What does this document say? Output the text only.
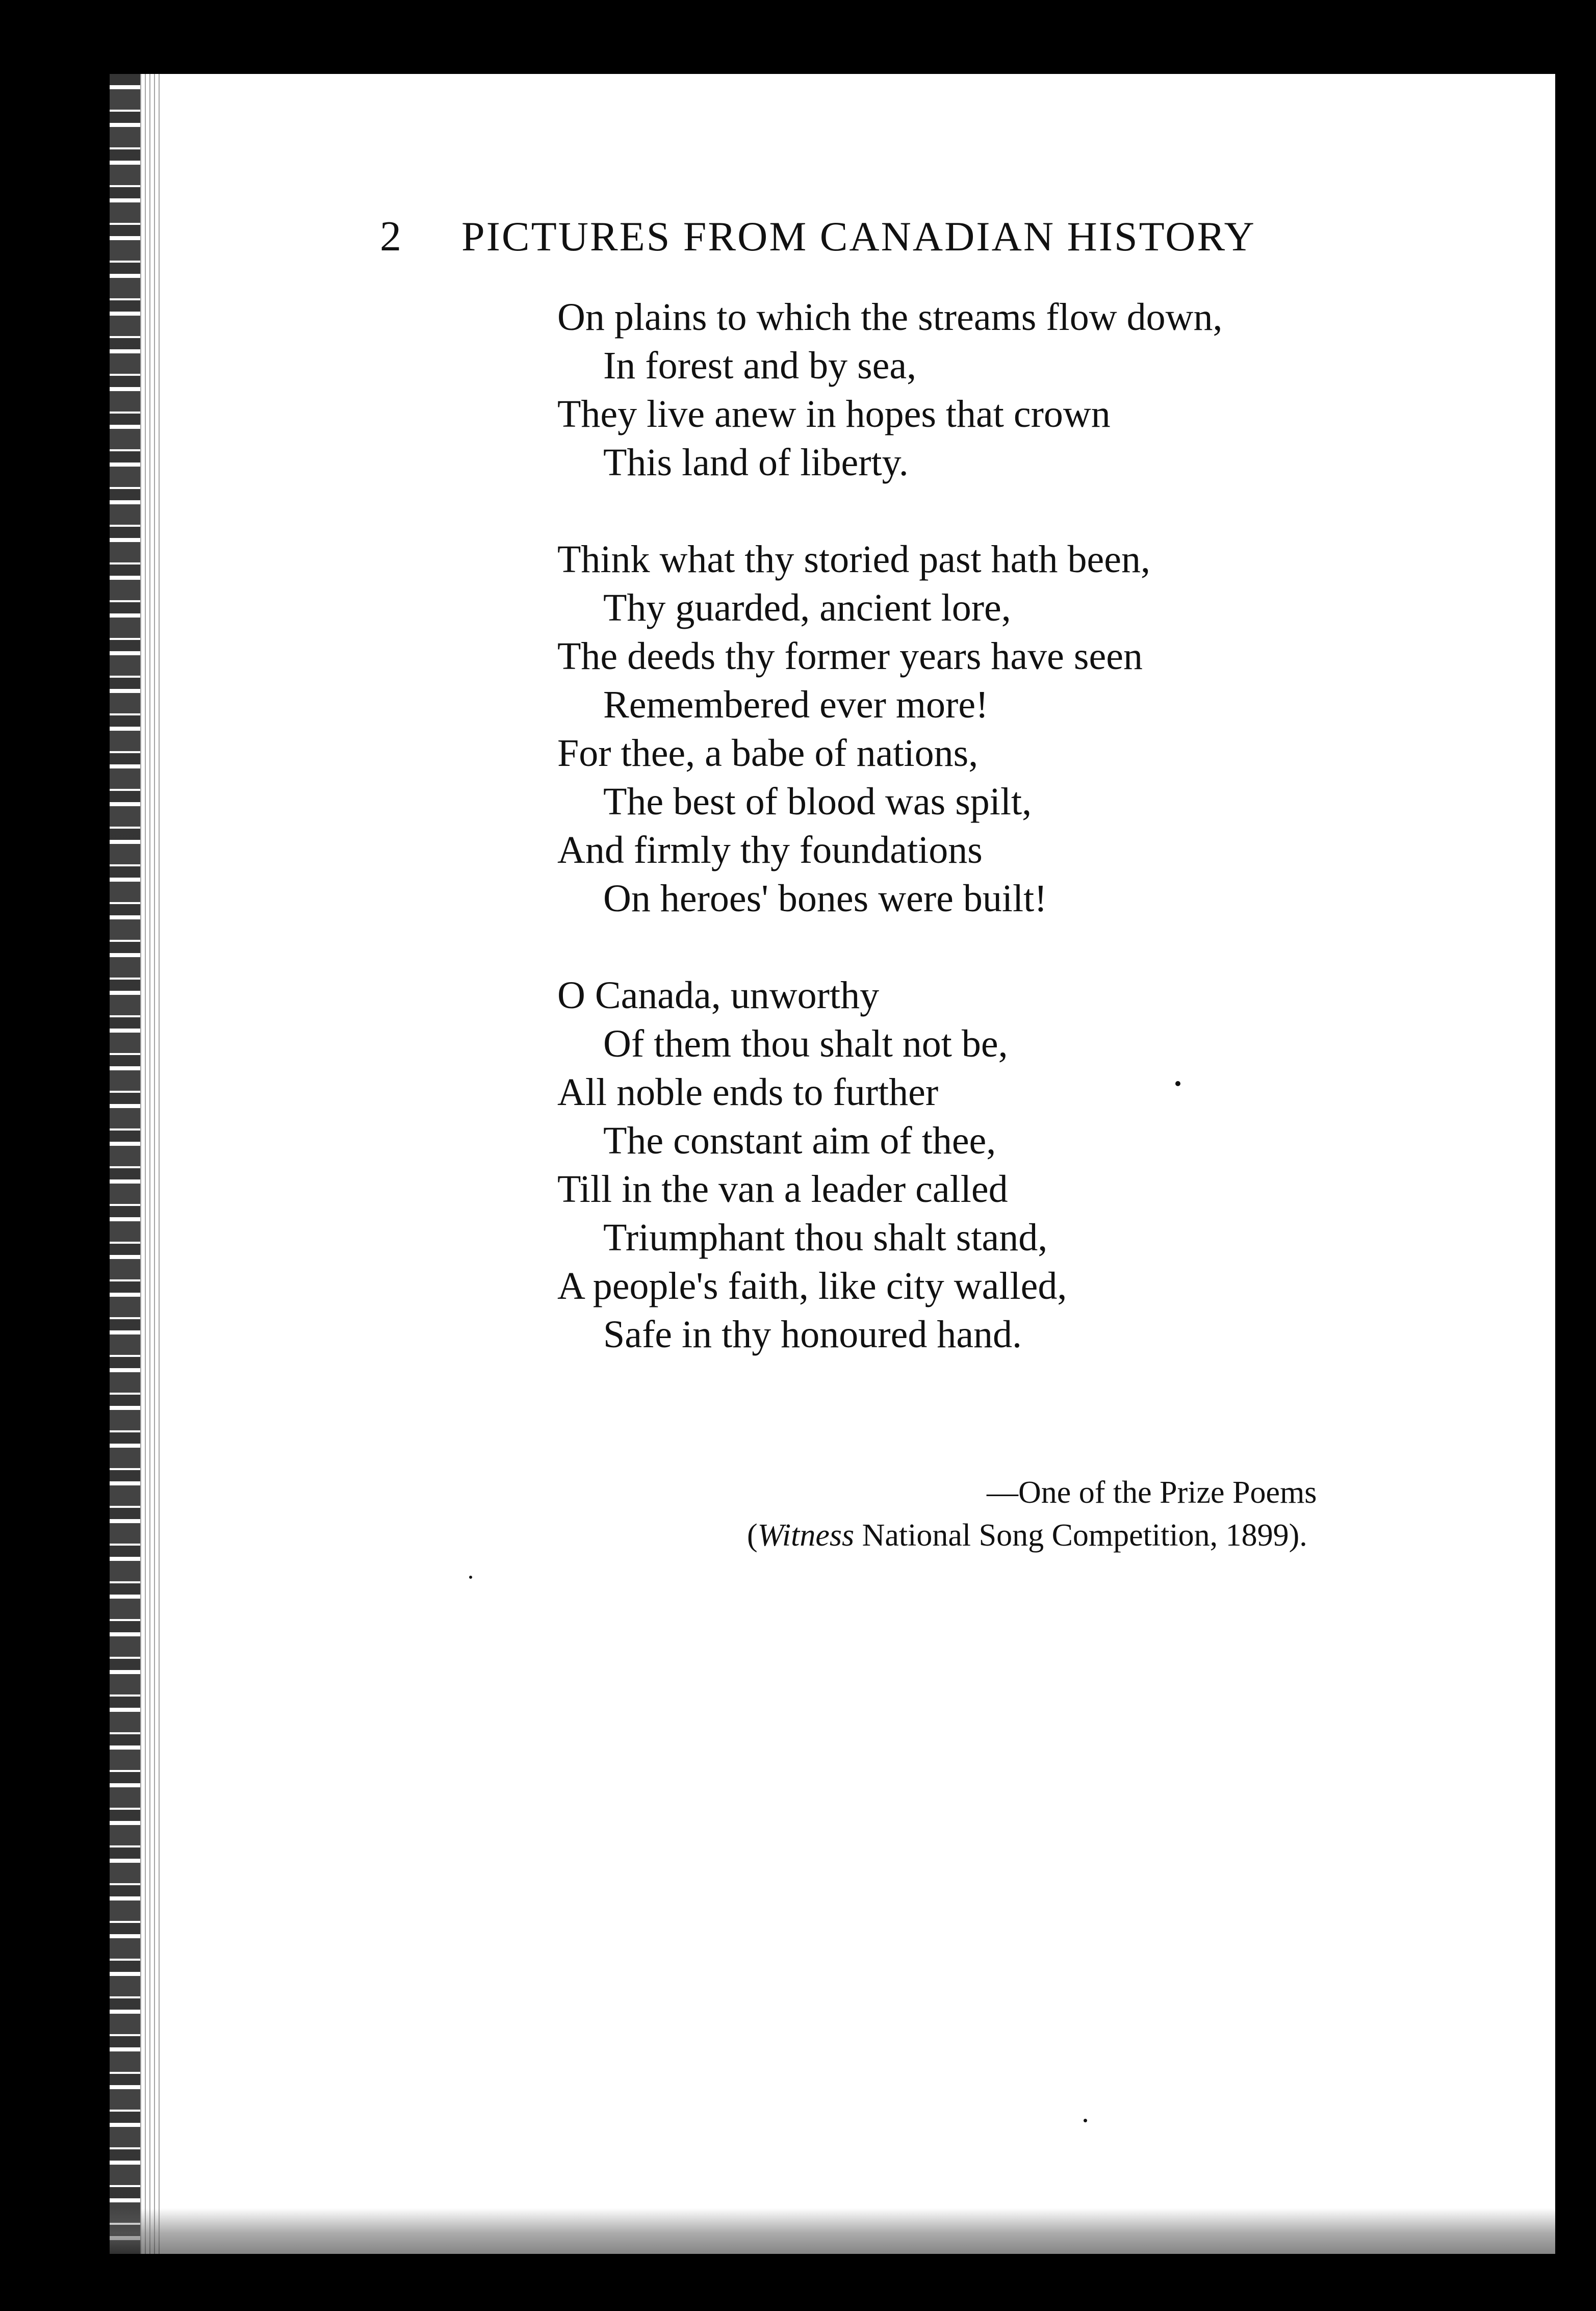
2	PICTURES FROM CANADIAN HISTORY
On plains to which the streams flow down,
In forest and by sea,
They live anew in hopes that crown
This land of liberty.
Think what thy storied past hath been,
Thy guarded, ancient lore,
The deeds thy former years have seen
Remembered ever more!
For thee, a babe of nations,
The best of blood was spilt,
And firmly thy foundations
On heroes' bones were built!
O Canada, unworthy
Of them thou shalt not be,
All noble ends to further
The constant aim of thee,
Till in the van a leader called
Triumphant thou shalt stand,
A people's faith, like city walled,
Safe in thy honoured hand.
—One of the Prize Poems
(Witness National Song Competition, 1899).
